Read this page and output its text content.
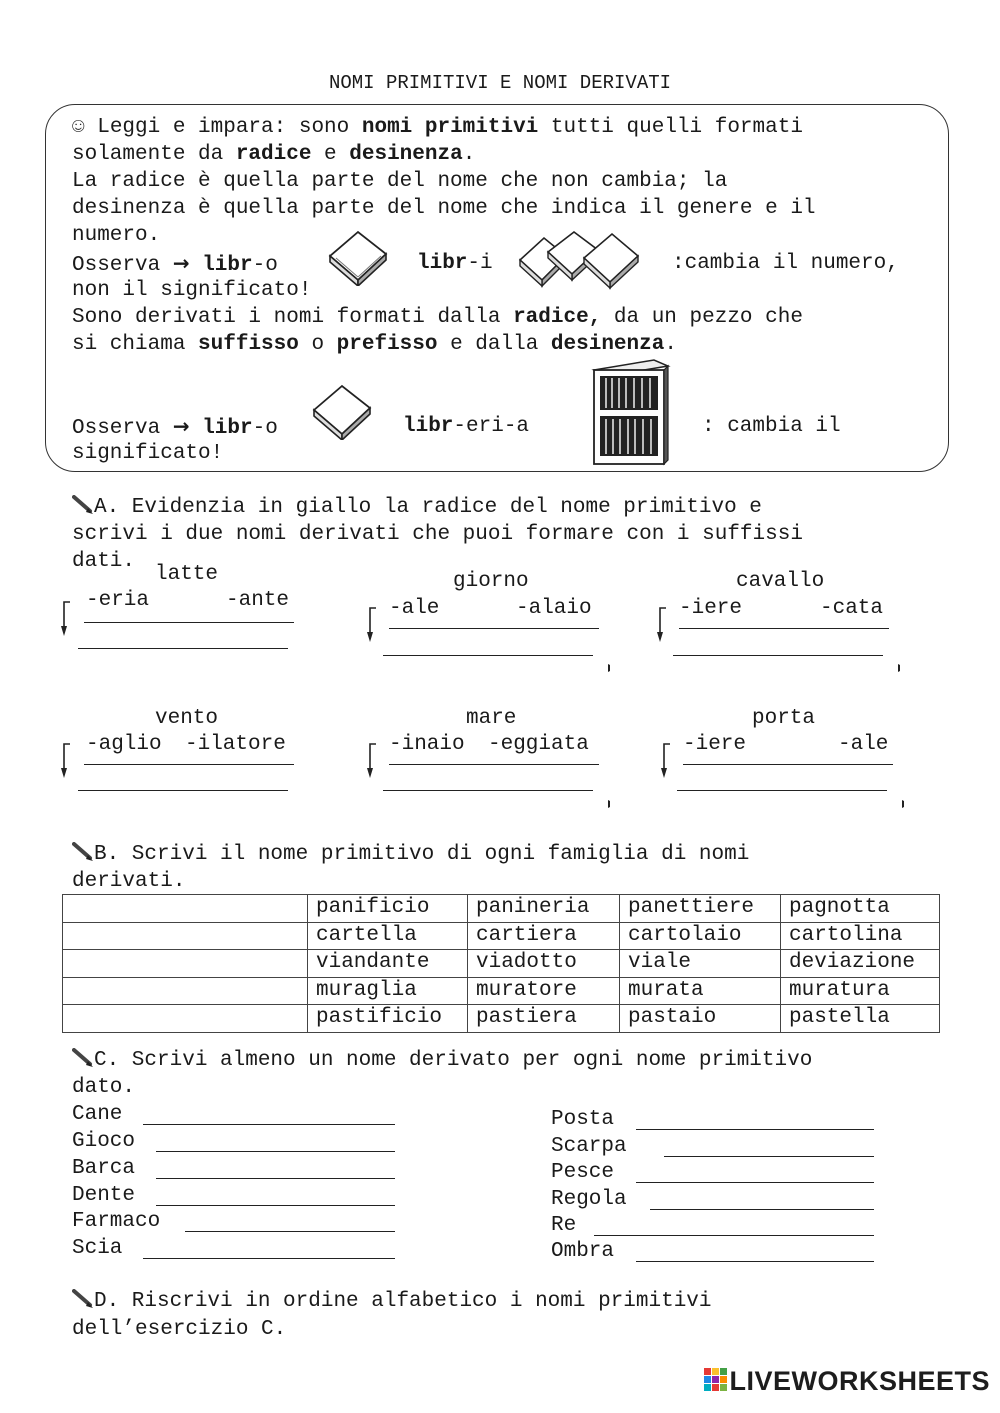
NOMI PRIMITIVI E NOMI DERIVATI
☺ Leggi e impara: sono nomi primitivi tutti quelli formati
solamente da radice e desinenza.
La radice è quella parte del nome che non cambia; la
desinenza è quella parte del nome che indica il genere e il
numero.
Osserva → libr-o	libr-i	:cambia il numero,
non il significato!
Sono derivati i nomi formati dalla radice, da un pezzo che
si chiama suffisso o prefisso e dalla desinenza.
Osserva → libr-o	libr-eri-a	: cambia il
significato!
A. Evidenzia in giallo la radice del nome primitivo e
scrivi i due nomi derivati che puoi formare con i suffissi
dati.
latte
-eria	-ante
giorno
-ale	-alaio
cavallo
-iere	-cata
vento
-aglio -ilatore
mare
-inaio -eggiata
porta
-iere	-ale
B. Scrivi il nome primitivo di ogni famiglia di nomi
derivati.
	panificio	panineria	panettiere	pagnotta
	cartella	cartiera	cartolaio	cartolina
	viandante	viadotto	viale	deviazione
	muraglia	muratore	murata	muratura
	pastificio	pastiera	pastaio	pastella
C. Scrivi almeno un nome derivato per ogni nome primitivo
dato.
Cane
Gioco
Barca
Dente
Farmaco
Scia
Posta
Scarpa
Pesce
Regola
Re
Ombra
D. Riscrivi in ordine alfabetico i nomi primitivi
dell’esercizio C.
LIVEWORKSHEETS
